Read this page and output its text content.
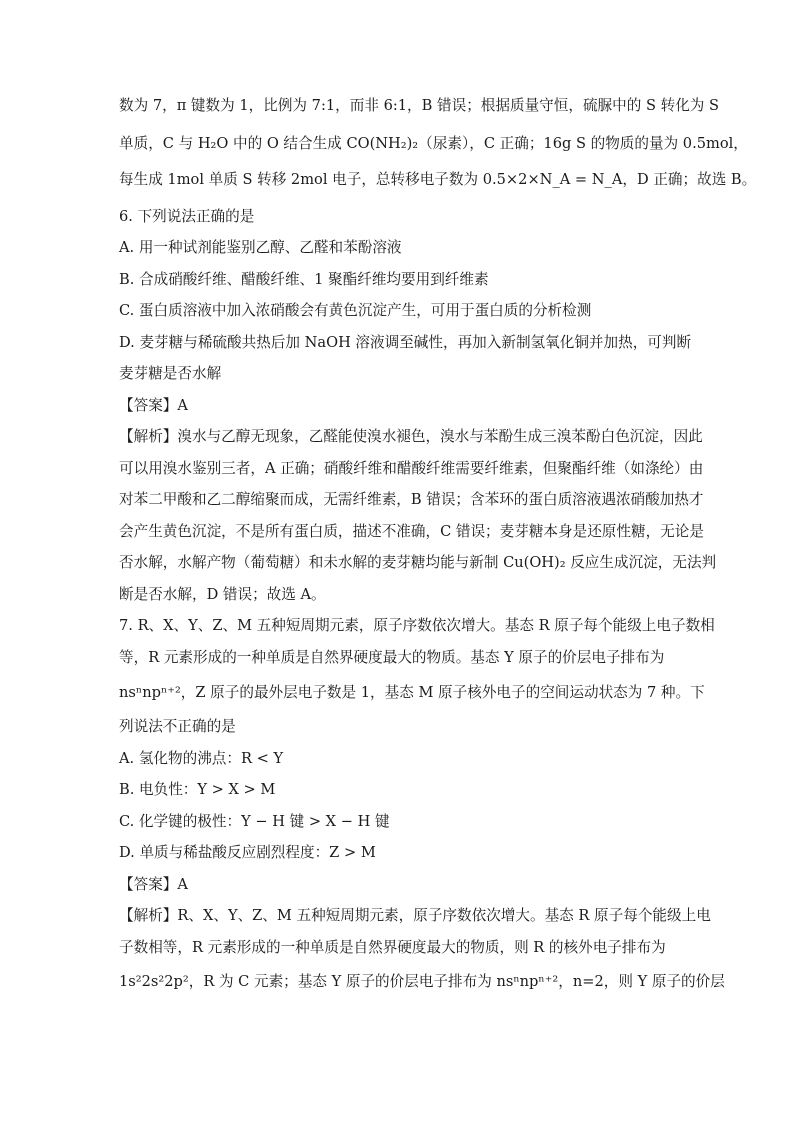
数为 7，π 键数为 1，比例为 7:1，而非 6:1，B 错误；根据质量守恒，硫脲中的 S 转化为 S
单质，C 与 H₂O 中的 O 结合生成 CO(NH₂)₂（尿素），C 正确；16g S 的物质的量为 0.5mol，
每生成 1mol 单质 S 转移 2mol 电子，总转移电子数为 0.5×2×N_A = N_A，D 正确；故选 B。
6. 下列说法正确的是
A. 用一种试剂能鉴别乙醇、乙醛和苯酚溶液
B. 合成硝酸纤维、醋酸纤维、1 聚酯纤维均要用到纤维素
C. 蛋白质溶液中加入浓硝酸会有黄色沉淀产生，可用于蛋白质的分析检测
D. 麦芽糖与稀硫酸共热后加 NaOH 溶液调至碱性，再加入新制氢氧化铜并加热，可判断
麦芽糖是否水解
【答案】A
【解析】溴水与乙醇无现象，乙醛能使溴水褪色，溴水与苯酚生成三溴苯酚白色沉淀，因此
可以用溴水鉴别三者，A 正确；硝酸纤维和醋酸纤维需要纤维素，但聚酯纤维（如涤纶）由
对苯二甲酸和乙二醇缩聚而成，无需纤维素，B 错误；含苯环的蛋白质溶液遇浓硝酸加热才
会产生黄色沉淀，不是所有蛋白质，描述不准确，C 错误；麦芽糖本身是还原性糖，无论是
否水解，水解产物（葡萄糖）和未水解的麦芽糖均能与新制 Cu(OH)₂ 反应生成沉淀，无法判
断是否水解，D 错误；故选 A。
7. R、X、Y、Z、M 五种短周期元素，原子序数依次增大。基态 R 原子每个能级上电子数相
等，R 元素形成的一种单质是自然界硬度最大的物质。基态 Y 原子的价层电子排布为
nsⁿnpⁿ⁺²，Z 原子的最外层电子数是 1，基态 M 原子核外电子的空间运动状态为 7 种。下
列说法不正确的是
A. 氢化物的沸点：R < Y
B. 电负性：Y > X > M
C. 化学键的极性：Y − H 键 > X − H 键
D. 单质与稀盐酸反应剧烈程度：Z > M
【答案】A
【解析】R、X、Y、Z、M 五种短周期元素，原子序数依次增大。基态 R 原子每个能级上电
子数相等，R 元素形成的一种单质是自然界硬度最大的物质，则 R 的核外电子排布为
1s²2s²2p²，R 为 C 元素；基态 Y 原子的价层电子排布为 nsⁿnpⁿ⁺²，n=2，则 Y 原子的价层
